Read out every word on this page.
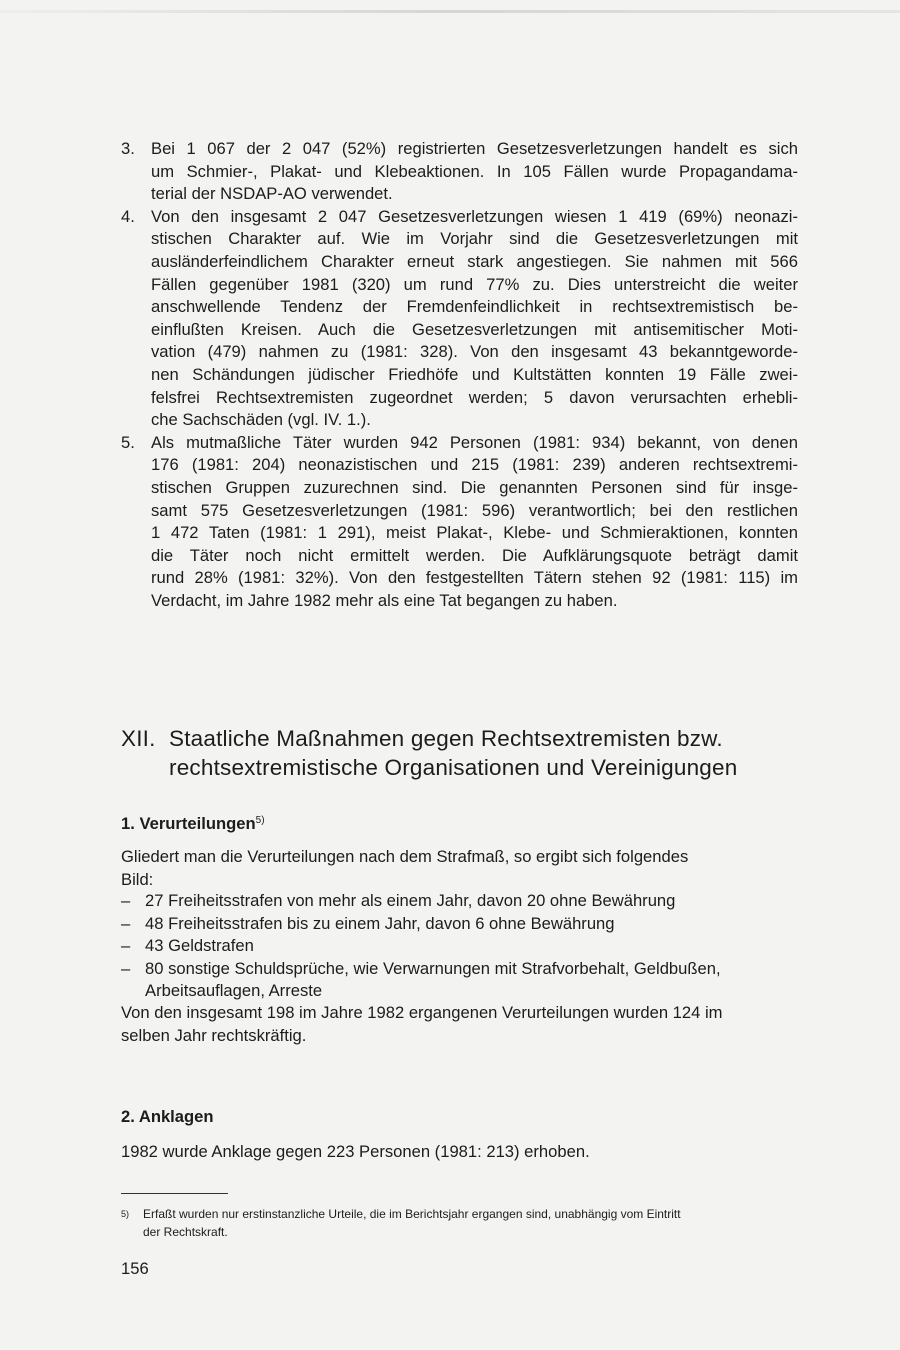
3. Bei 1 067 der 2 047 (52%) registrierten Gesetzesverletzungen handelt es sich
um Schmier-, Plakat- und Klebeaktionen. In 105 Fällen wurde Propagandama-
terial der NSDAP-AO verwendet.
4. Von den insgesamt 2 047 Gesetzesverletzungen wiesen 1 419 (69%) neonazi-
stischen Charakter auf. Wie im Vorjahr sind die Gesetzesverletzungen mit
ausländerfeindlichem Charakter erneut stark angestiegen. Sie nahmen mit 566
Fällen gegenüber 1981 (320) um rund 77% zu. Dies unterstreicht die weiter
anschwellende Tendenz der Fremdenfeindlichkeit in rechtsextremistisch be-
einflußten Kreisen. Auch die Gesetzesverletzungen mit antisemitischer Moti-
vation (479) nahmen zu (1981: 328). Von den insgesamt 43 bekanntgeworde-
nen Schändungen jüdischer Friedhöfe und Kultstätten konnten 19 Fälle zwei-
felsfrei Rechtsextremisten zugeordnet werden; 5 davon verursachten erhebli-
che Sachschäden (vgl. IV. 1.).
5. Als mutmaßliche Täter wurden 942 Personen (1981: 934) bekannt, von denen
176 (1981: 204) neonazistischen und 215 (1981: 239) anderen rechtsextremi-
stischen Gruppen zuzurechnen sind. Die genannten Personen sind für insge-
samt 575 Gesetzesverletzungen (1981: 596) verantwortlich; bei den restlichen
1 472 Taten (1981: 1 291), meist Plakat-, Klebe- und Schmieraktionen, konnten
die Täter noch nicht ermittelt werden. Die Aufklärungsquote beträgt damit
rund 28% (1981: 32%). Von den festgestellten Tätern stehen 92 (1981: 115) im
Verdacht, im Jahre 1982 mehr als eine Tat begangen zu haben.
XII. Staatliche Maßnahmen gegen Rechtsextremisten bzw.
rechtsextremistische Organisationen und Vereinigungen
1. Verurteilungen$^{5)}$
Gliedert man die Verurteilungen nach dem Strafmaß, so ergibt sich folgendes
Bild:
– 27 Freiheitsstrafen von mehr als einem Jahr, davon 20 ohne Bewährung
– 48 Freiheitsstrafen bis zu einem Jahr, davon 6 ohne Bewährung
– 43 Geldstrafen
– 80 sonstige Schuldsprüche, wie Verwarnungen mit Strafvorbehalt, Geldbußen,
Arbeitsauflagen, Arreste
Von den insgesamt 198 im Jahre 1982 ergangenen Verurteilungen wurden 124 im
selben Jahr rechtskräftig.
2. Anklagen
1982 wurde Anklage gegen 223 Personen (1981: 213) erhoben.
$^{5)}$	Erfaßt wurden nur erstinstanzliche Urteile, die im Berichtsjahr ergangen sind, unabhängig vom Eintritt
der Rechtskraft.
156
